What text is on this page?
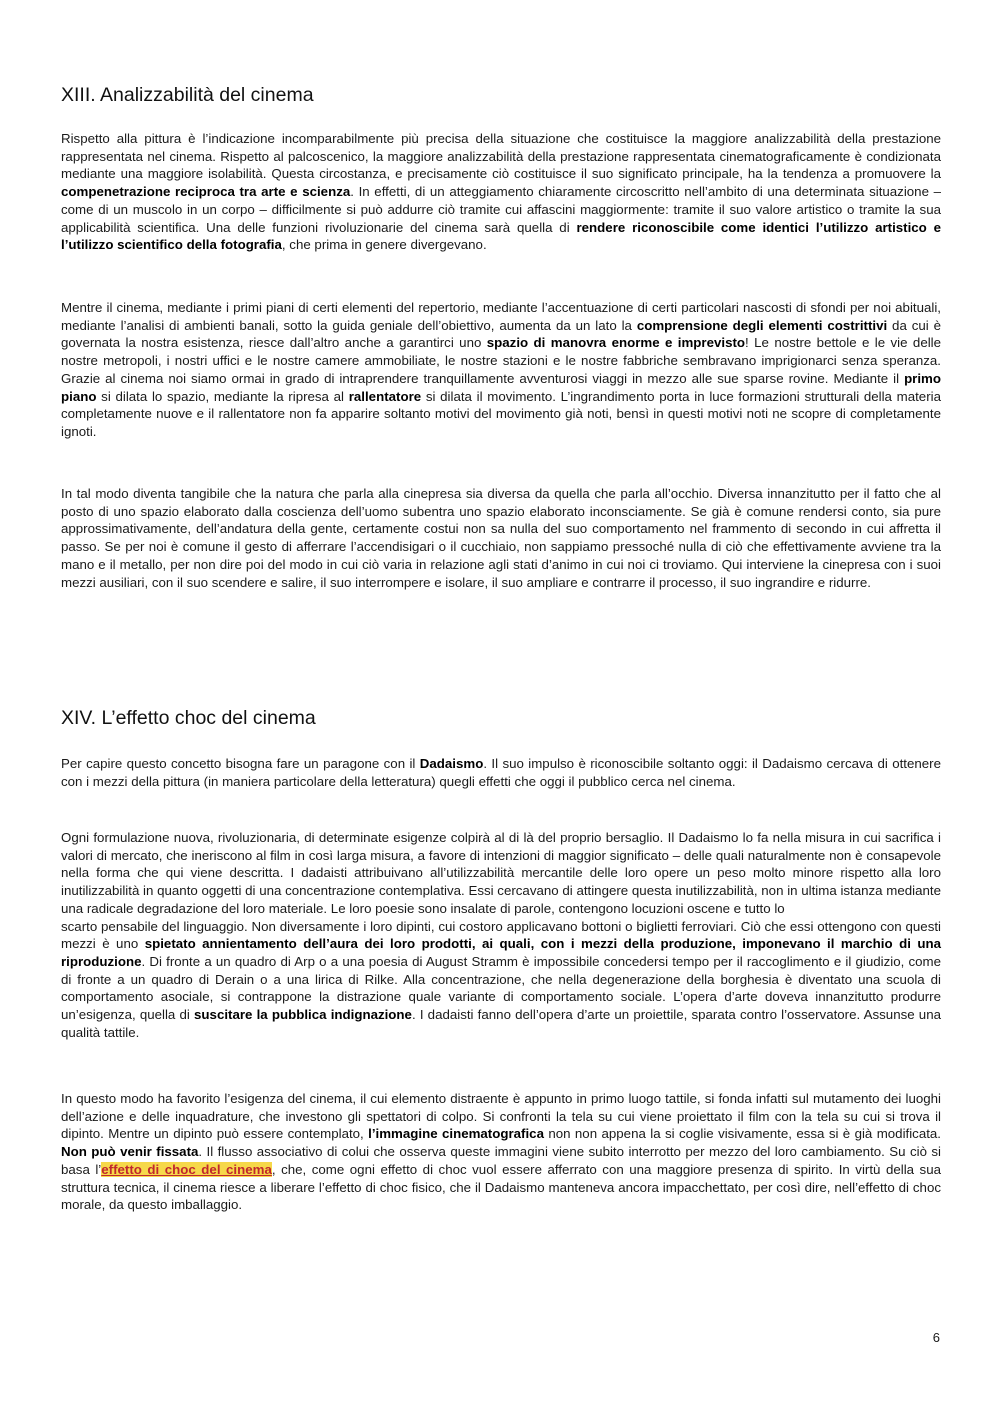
XIII. Analizzabilità del cinema

Rispetto alla pittura è l’indicazione incomparabilmente più precisa della situazione che costituisce la maggiore analizzabilità della prestazione rappresentata nel cinema. Rispetto al palcoscenico, la maggiore analizzabilità della prestazione rappresentata cinematograficamente è condizionata mediante una maggiore isolabilità. Questa circostanza, e precisamente ciò costituisce il suo significato principale, ha la tendenza a promuovere la compenetrazione reciproca tra arte e scienza. In effetti, di un atteggiamento chiaramente circoscritto nell’ambito di una determinata situazione – come di un muscolo in un corpo – difficilmente si può addurre ciò tramite cui affascini maggiormente: tramite il suo valore artistico o tramite la sua applicabilità scientifica. Una delle funzioni rivoluzionarie del cinema sarà quella di rendere riconoscibile come identici l’utilizzo artistico e l’utilizzo scientifico della fotografia, che prima in genere divergevano.

Mentre il cinema, mediante i primi piani di certi elementi del repertorio, mediante l’accentuazione di certi particolari nascosti di sfondi per noi abituali, mediante l’analisi di ambienti banali, sotto la guida geniale dell’obiettivo, aumenta da un lato la comprensione degli elementi costrittivi da cui è governata la nostra esistenza, riesce dall’altro anche a garantirci uno spazio di manovra enorme e imprevisto! Le nostre bettole e le vie delle nostre metropoli, i nostri uffici e le nostre camere ammobiliate, le nostre stazioni e le nostre fabbriche sembravano imprigionarci senza speranza. Grazie al cinema noi siamo ormai in grado di intraprendere tranquillamente avventurosi viaggi in mezzo alle sue sparse rovine. Mediante il primo piano si dilata lo spazio, mediante la ripresa al rallentatore si dilata il movimento. L’ingrandimento porta in luce formazioni strutturali della materia completamente nuove e il rallentatore non fa apparire soltanto motivi del movimento già noti, bensì in questi motivi noti ne scopre di completamente ignoti.

In tal modo diventa tangibile che la natura che parla alla cinepresa sia diversa da quella che parla all’occhio. Diversa innanzitutto per il fatto che al posto di uno spazio elaborato dalla coscienza dell’uomo subentra uno spazio elaborato inconsciamente. Se già è comune rendersi conto, sia pure approssimativamente, dell’andatura della gente, certamente costui non sa nulla del suo comportamento nel frammento di secondo in cui affretta il passo. Se per noi è comune il gesto di afferrare l’accendisigari o il cucchiaio, non sappiamo pressoché nulla di ciò che effettivamente avviene tra la mano e il metallo, per non dire poi del modo in cui ciò varia in relazione agli stati d’animo in cui noi ci troviamo. Qui interviene la cinepresa con i suoi mezzi ausiliari, con il suo scendere e salire, il suo interrompere e isolare, il suo ampliare e contrarre il processo, il suo ingrandire e ridurre.

XIV. L’effetto choc del cinema

Per capire questo concetto bisogna fare un paragone con il Dadaismo. Il suo impulso è riconoscibile soltanto oggi: il Dadaismo cercava di ottenere con i mezzi della pittura (in maniera particolare della letteratura) quegli effetti che oggi il pubblico cerca nel cinema.

Ogni formulazione nuova, rivoluzionaria, di determinate esigenze colpirà al di là del proprio bersaglio. Il Dadaismo lo fa nella misura in cui sacrifica i valori di mercato, che ineriscono al film in così larga misura, a favore di intenzioni di maggior significato – delle quali naturalmente non è consapevole nella forma che qui viene descritta. I dadaisti attribuivano all’utilizzabilità mercantile delle loro opere un peso molto minore rispetto alla loro inutilizzabilità in quanto oggetti di una concentrazione contemplativa. Essi cercavano di attingere questa inutilizzabilità, non in ultima istanza mediante una radicale degradazione del loro materiale. Le loro poesie sono insalate di parole, contengono locuzioni oscene e tutto lo
scarto pensabile del linguaggio. Non diversamente i loro dipinti, cui costoro applicavano bottoni o biglietti ferroviari. Ciò che essi ottengono con questi mezzi è uno spietato annientamento dell’aura dei loro prodotti, ai quali, con i mezzi della produzione, imponevano il marchio di una riproduzione. Di fronte a un quadro di Arp o a una poesia di August Stramm è impossibile concedersi tempo per il raccoglimento e il giudizio, come di fronte a un quadro di Derain o a una lirica di Rilke. Alla concentrazione, che nella degenerazione della borghesia è diventato una scuola di comportamento asociale, si contrappone la distrazione quale variante di comportamento sociale. L’opera d’arte doveva innanzitutto produrre un’esigenza, quella di suscitare la pubblica indignazione. I dadaisti fanno dell’opera d’arte un proiettile, sparata contro l’osservatore. Assunse una qualità tattile.

In questo modo ha favorito l’esigenza del cinema, il cui elemento distraente è appunto in primo luogo tattile, si fonda infatti sul mutamento dei luoghi dell’azione e delle inquadrature, che investono gli spettatori di colpo. Si confronti la tela su cui viene proiettato il film con la tela su cui si trova il dipinto. Mentre un dipinto può essere contemplato, l’immagine cinematografica non non appena la si coglie visivamente, essa si è già modificata. Non può venir fissata. Il flusso associativo di colui che osserva queste immagini viene subito interrotto per mezzo del loro cambiamento. Su ciò si basa l’effetto di choc del cinema, che, come ogni effetto di choc vuol essere afferrato con una maggiore presenza di spirito. In virtù della sua struttura tecnica, il cinema riesce a liberare l’effetto di choc fisico, che il Dadaismo manteneva ancora impacchettato, per così dire, nell’effetto di choc morale, da questo imballaggio.

6
